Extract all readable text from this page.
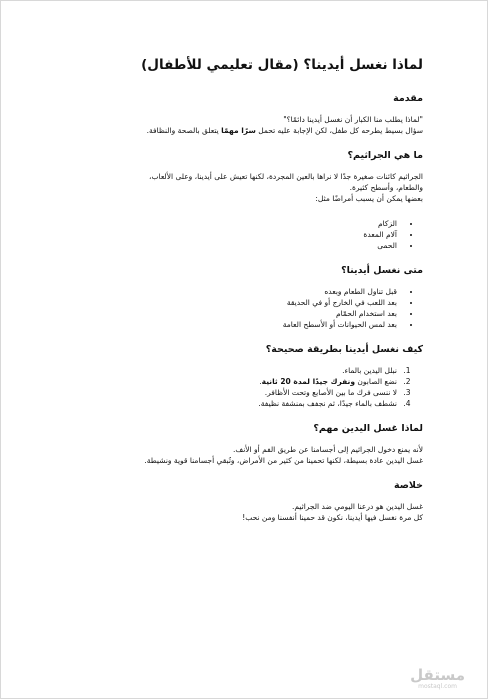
لماذا نغسل أيدينا؟ (مقال تعليمي للأطفال)
مقدمة

"لماذا يطلب منا الكبار أن نغسل أيدينا دائمًا؟"

سؤال بسيط يطرحه كل طفل، لكن الإجابة عليه تحمل سرًا مهمًا يتعلق بالصحة والنظافة.

ما هي الجراثيم؟

الجراثيم كائنات صغيرة جدًا لا نراها بالعين المجردة، لكنها تعيش على أيدينا، وعلى الألعاب،

والطعام، وأسطح كثيرة.

بعضها يمكن أن يسبب أمراضًا مثل:

• الزكام
• آلام المعدة
• الحمى
متى نغسل أيدينا؟
• قبل تناول الطعام وبعده
• بعد اللعب في الخارج أو في الحديقة
• بعد استخدام الحمّام
• بعد لمس الحيوانات أو الأسطح العامة
كيف نغسل أيدينا بطريقة صحيحة؟
1. نبلل اليدين بالماء.
2. نضع الصابون ونفرك جيدًا لمدة 20 ثانية.
3. لا ننسى فرك ما بين الأصابع وتحت الأظافر.
4. نشطف بالماء جيدًا، ثم نجفف بمنشفة نظيفة.
لماذا غسل اليدين مهم؟

لأنه يمنع دخول الجراثيم إلى أجسامنا عن طريق الفم أو الأنف.

غسل اليدين عادة بسيطة، لكنها تحمينا من كثير من الأمراض، وتُبقي أجسامنا قوية ونشيطة.

خلاصة

غسل اليدين هو درعنا اليومي ضد الجراثيم.

كل مرة نغسل فيها أيدينا، نكون قد حمينا أنفسنا ومن نحب!

مستقل
mostaql.com
